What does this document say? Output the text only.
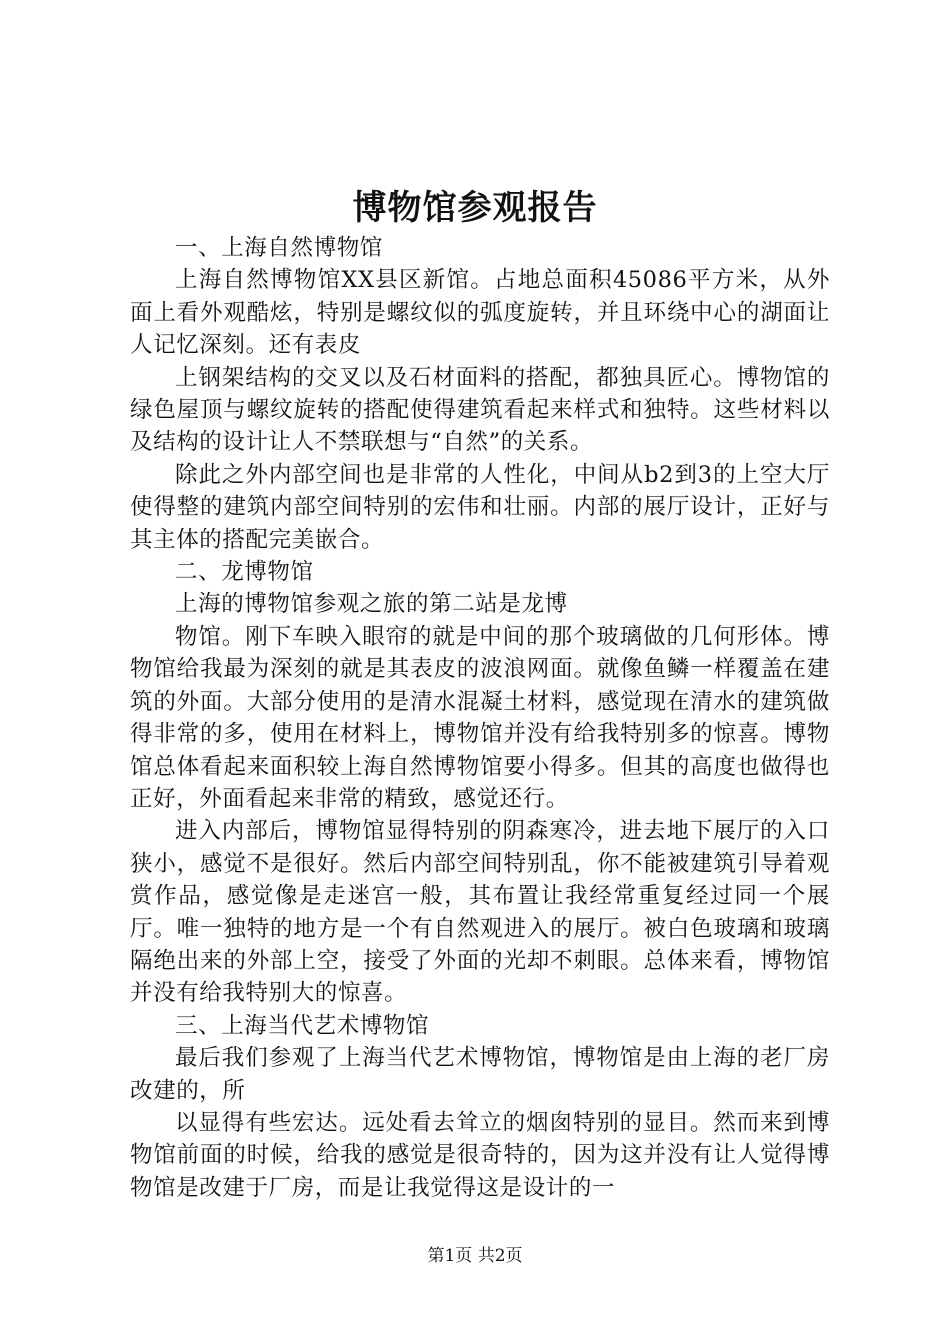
博物馆参观报告

一、上海自然博物馆

上海自然博物馆XX县区新馆。占地总面积45086平方米，从外面上看外观酷炫，特别是螺纹似的弧度旋转，并且环绕中心的湖面让人记忆深刻。还有表皮

上钢架结构的交叉以及石材面料的搭配，都独具匠心。博物馆的绿色屋顶与螺纹旋转的搭配使得建筑看起来样式和独特。这些材料以及结构的设计让人不禁联想与“自然”的关系。

除此之外内部空间也是非常的人性化，中间从b2到3的上空大厅使得整的建筑内部空间特别的宏伟和壮丽。内部的展厅设计，正好与其主体的搭配完美嵌合。

二、龙博物馆

上海的博物馆参观之旅的第二站是龙博

物馆。刚下车映入眼帘的就是中间的那个玻璃做的几何形体。博物馆给我最为深刻的就是其表皮的波浪网面。就像鱼鳞一样覆盖在建筑的外面。大部分使用的是清水混凝土材料，感觉现在清水的建筑做得非常的多，使用在材料上，博物馆并没有给我特别多的惊喜。博物馆总体看起来面积较上海自然博物馆要小得多。但其的高度也做得也正好，外面看起来非常的精致，感觉还行。

进入内部后，博物馆显得特别的阴森寒冷，进去地下展厅的入口狭小，感觉不是很好。然后内部空间特别乱，你不能被建筑引导着观赏作品，感觉像是走迷宫一般，其布置让我经常重复经过同一个展厅。唯一独特的地方是一个有自然观进入的展厅。被白色玻璃和玻璃隔绝出来的外部上空，接受了外面的光却不刺眼。总体来看，博物馆并没有给我特别大的惊喜。

三、上海当代艺术博物馆

最后我们参观了上海当代艺术博物馆，博物馆是由上海的老厂房改建的，所

以显得有些宏达。远处看去耸立的烟囱特别的显目。然而来到博物馆前面的时候，给我的感觉是很奇特的，因为这并没有让人觉得博物馆是改建于厂房，而是让我觉得这是设计的一

第1页 共2页
